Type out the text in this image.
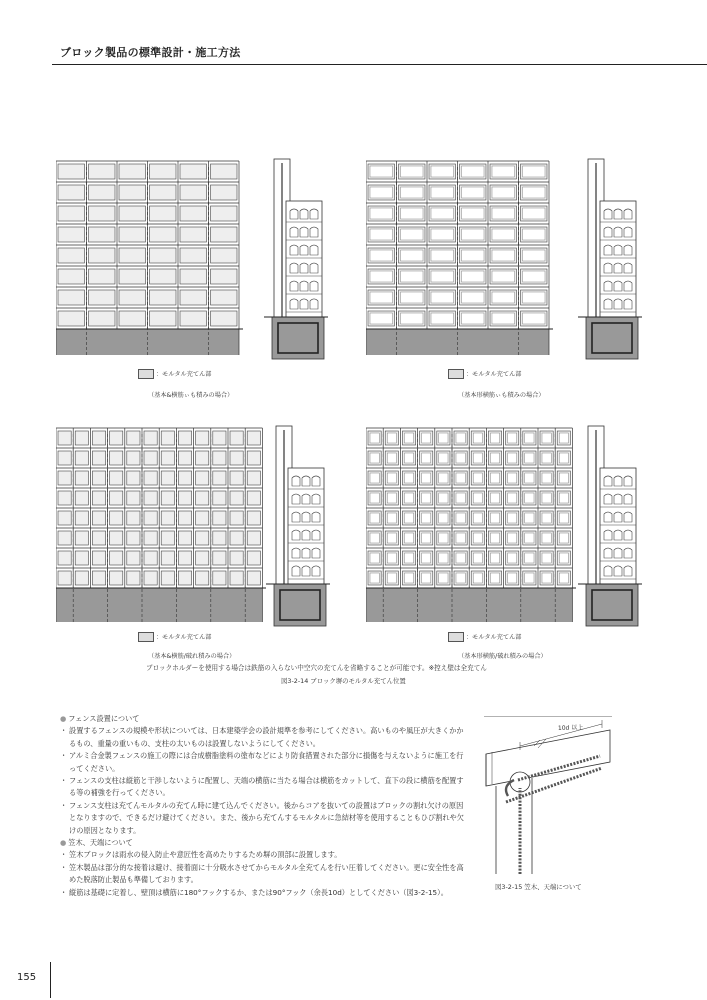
ブロック製品の標準設計・施工方法
：モルタル充てん部
（基本&横筋ぃも積みの場合）
：モルタル充てん部
（基本形横筋ぃも積みの場合）
：モルタル充てん部
（基本&横筋/破れ積みの場合）
：モルタル充てん部
（基本形横筋/破れ積みの場合）
ブロックホルダーを使用する場合は鉄筋の入らない中空穴の充てんを省略することが可能です。※控え壁は全充てん
図3-2-14 ブロック塀のモルタル充てん位置
● フェンス設置について
・ 設置するフェンスの規模や形状については、日本建築学会の設計規準を参考にしてください。高いものや風圧が大きくかかるもの、重量の重いもの、支柱の太いものは設置しないようにしてください。
・ アルミ合金製フェンスの施工の際には合成樹脂塗料の塗布などにより防食措置された部分に損傷を与えないように施工を行ってください。
・ フェンスの支柱は縦筋と干渉しないように配置し、天端の横筋に当たる場合は横筋をカットして、直下の段に横筋を配置する等の補強を行ってください。
・ フェンス支柱は充てんモルタルの充てん時に建て込んでください。後からコアを抜いての設置はブロックの割れ欠けの原因となりますので、できるだけ避けてください。また、後から充てんするモルタルに急結材等を使用することもひび割れや欠けの原因となります。
● 笠木、天端について
・ 笠木ブロックは雨水の侵入防止や意匠性を高めたりするため塀の頂部に設置します。
・ 笠木製品は部分的な接着は避け、接着面に十分吸水させてからモルタル全充てんを行い圧着してください。更に安全性を高めた脱落防止製品も準備しております。
・ 縦筋は基礎に定着し、壁頂は横筋に180°フックするか、または90°フック（余長10d）としてください（図3-2-15）。
10d 以上
図3-2-15 笠木、天端について
155
